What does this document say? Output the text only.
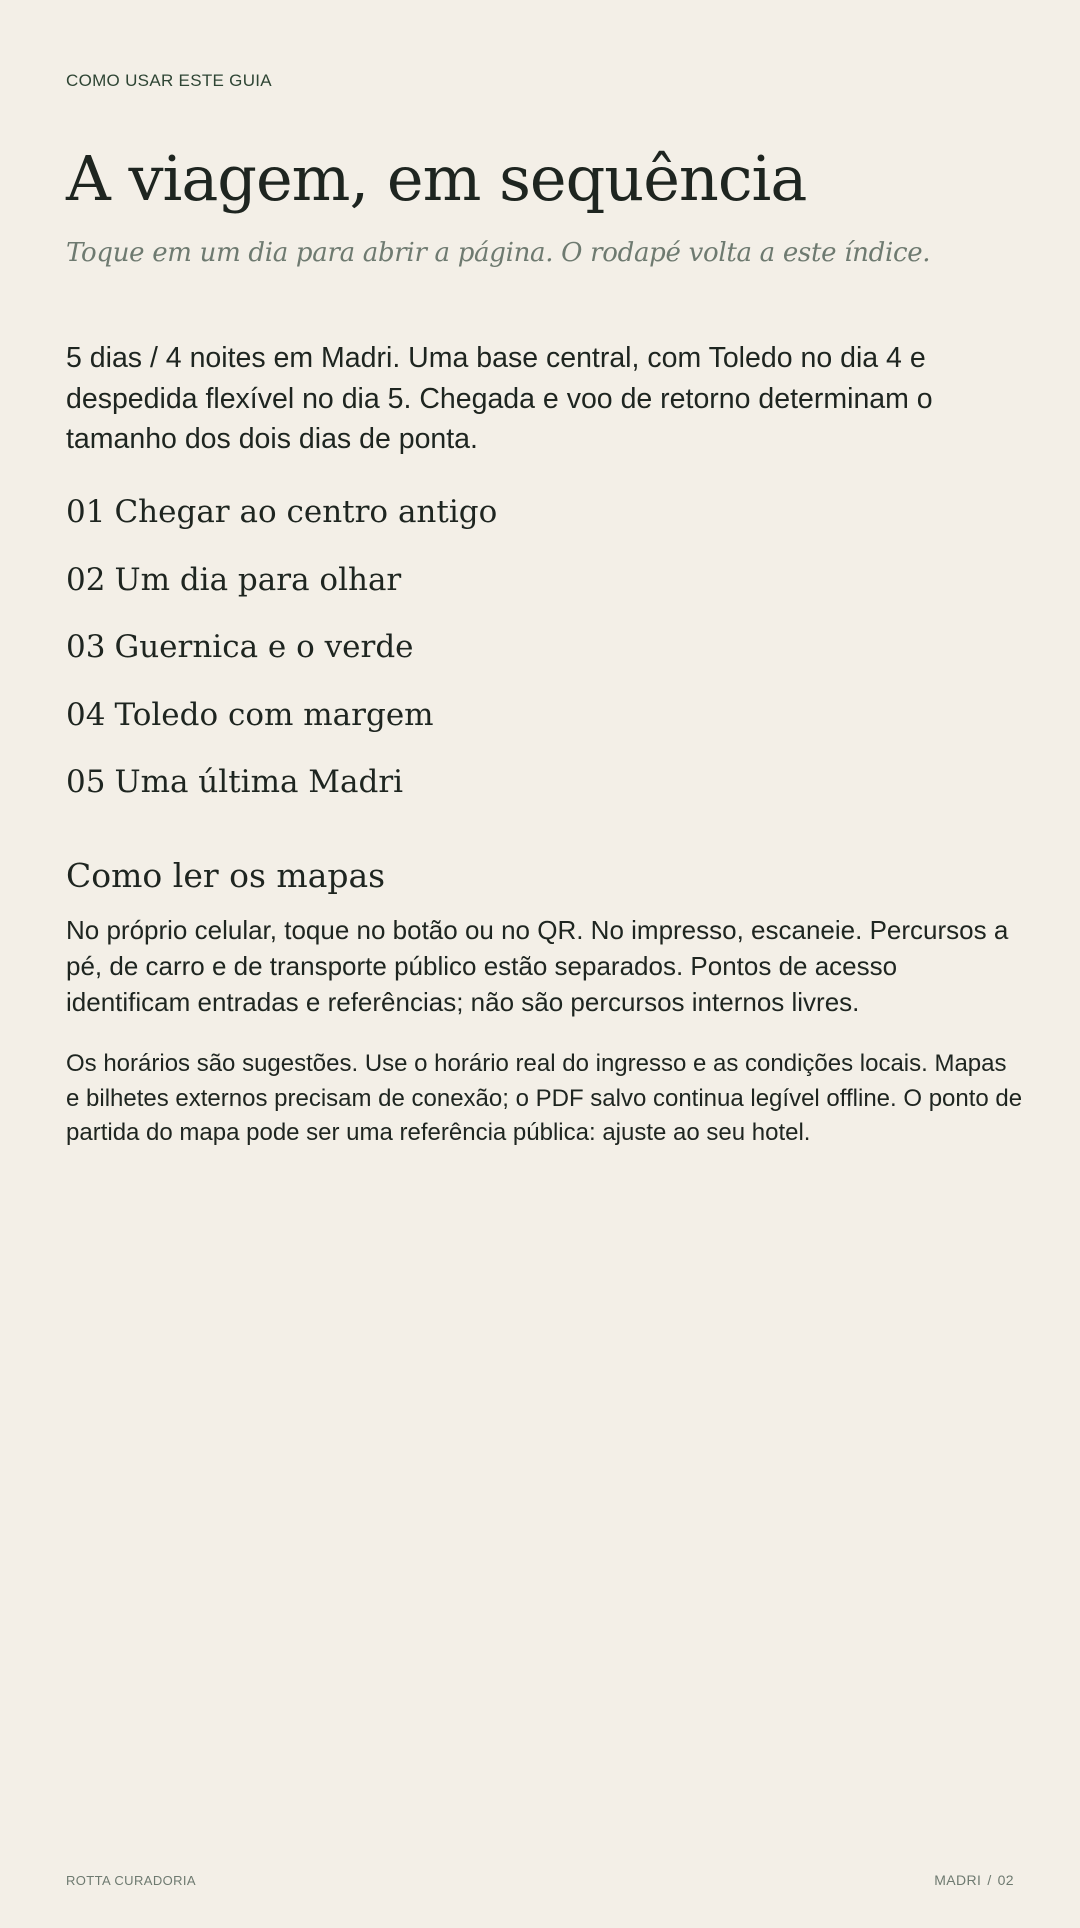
COMO USAR ESTE GUIA

A viagem, em sequência

Toque em um dia para abrir a página. O rodapé volta a este índice.

5 dias / 4 noites em Madri. Uma base central, com Toledo no dia 4 e despedida flexível no dia 5. Chegada e voo de retorno determinam o tamanho dos dois dias de ponta.

01 Chegar ao centro antigo
02 Um dia para olhar
03 Guernica e o verde
04 Toledo com margem
05 Uma última Madri
Como ler os mapas

No próprio celular, toque no botão ou no QR. No impresso, escaneie. Percursos a pé, de carro e de transporte público estão separados. Pontos de acesso identificam entradas e referências; não são percursos internos livres.

Os horários são sugestões. Use o horário real do ingresso e as condições locais. Mapas e bilhetes externos precisam de conexão; o PDF salvo continua legível offline. O ponto de partida do mapa pode ser uma referência pública: ajuste ao seu hotel.

ROTTA CURADORIA	MADRI / 02
